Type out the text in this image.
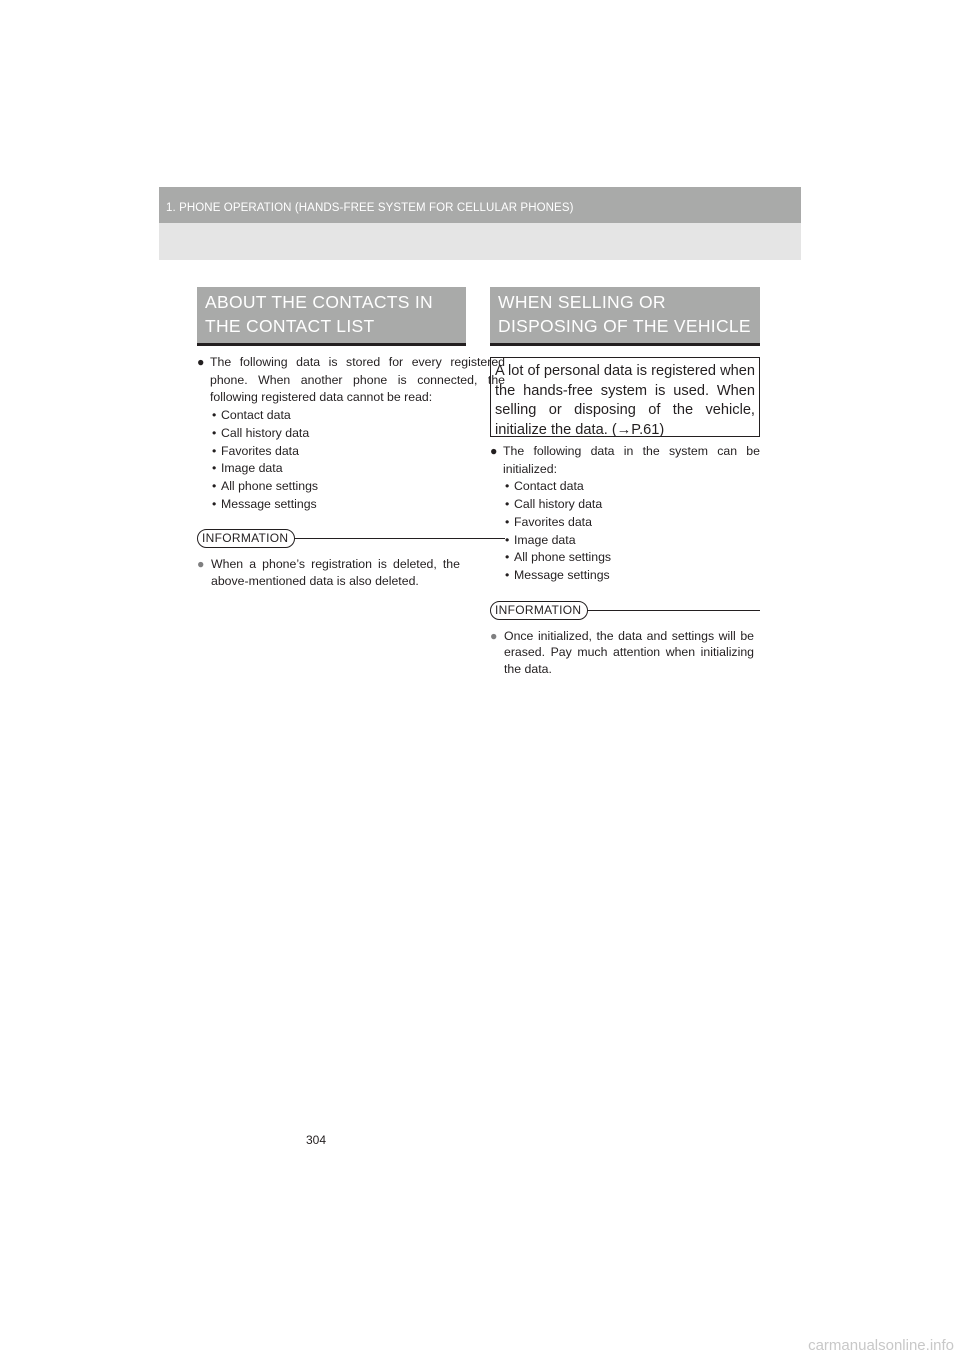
1. PHONE OPERATION (HANDS-FREE SYSTEM FOR CELLULAR PHONES)

ABOUT THE CONTACTS IN

THE CONTACT LIST

● The following data is stored for every registered phone. When another phone is connected, the following registered data cannot be read:
• Contact data
• Call history data
• Favorites data
• Image data
• All phone settings
• Message settings
INFORMATION
● When a phone’s registration is deleted, the above-mentioned data is also deleted.

WHEN SELLING OR

DISPOSING OF THE VEHICLE

A lot of personal data is registered when the hands-free system is used. When selling or disposing of the vehicle, initialize the data. (→P.61)
● The following data in the system can be initialized:
• Contact data
• Call history data
• Favorites data
• Image data
• All phone settings
• Message settings
INFORMATION
● Once initialized, the data and settings will be erased. Pay much attention when initializing the data.
304
carmanualsonline.info
